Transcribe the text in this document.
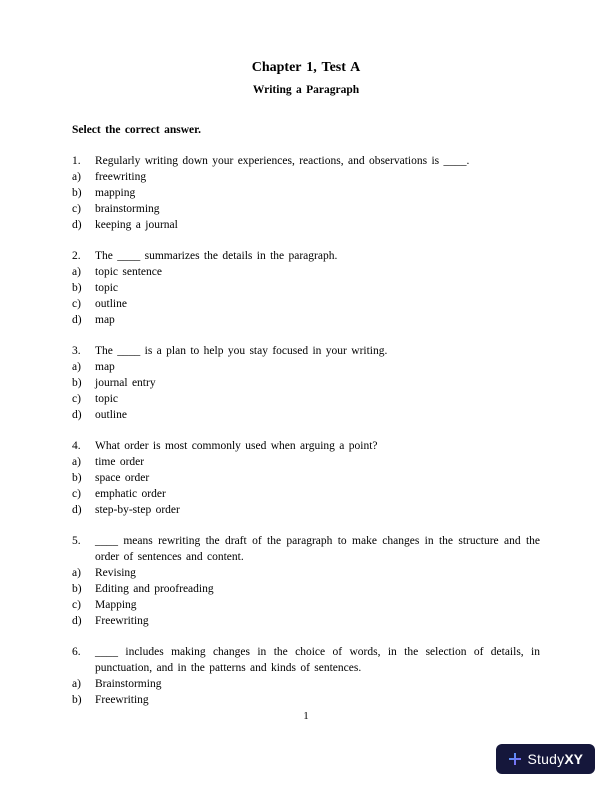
Chapter 1, Test A
Writing a Paragraph
Select the correct answer.
1.	Regularly writing down your experiences, reactions, and observations is ____.
a)	freewriting
b)	mapping
c)	brainstorming
d)	keeping a journal
2.	The ____ summarizes the details in the paragraph.
a)	topic sentence
b)	topic
c)	outline
d)	map
3.	The ____ is a plan to help you stay focused in your writing.
a)	map
b)	journal entry
c)	topic
d)	outline
4.	What order is most commonly used when arguing a point?
a)	time order
b)	space order
c)	emphatic order
d)	step-by-step order
5.	____ means rewriting the draft of the paragraph to make changes in the structure and the order of sentences and content.
a)	Revising
b)	Editing and proofreading
c)	Mapping
d)	Freewriting
6.	____ includes making changes in the choice of words, in the selection of details, in punctuation, and in the patterns and kinds of sentences.
a)	Brainstorming
b)	Freewriting
1
Study XY
